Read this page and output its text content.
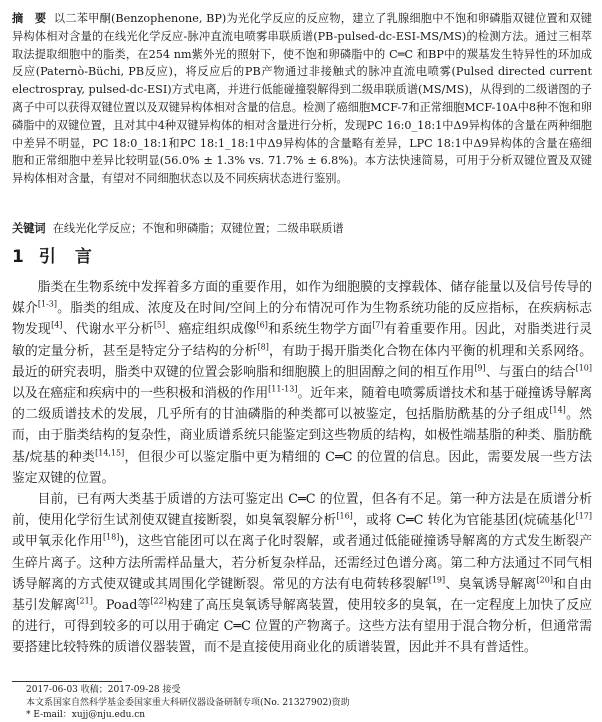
摘　要 以二苯甲酮(Benzophenone, BP)为光化学反应的反应物，建立了乳腺细胞中不饱和卵磷脂双键位置和双键异构体相对含量的在线光化学反应-脉冲直流电喷雾串联质谱(PB-pulsed-dc-ESI-MS/MS)的检测方法。通过三相萃取法提取细胞中的脂类，在254 nm紫外光的照射下，使不饱和卵磷脂中的 C═C 和BP中的羰基发生特异性的环加成反应(Paternò-Büchi, PB反应)，将反应后的PB产物通过非接触式的脉冲直流电喷雾(Pulsed directed current electrospray, pulsed-dc-ESI)方式电离，并进行低能碰撞裂解得到二级串联质谱(MS/MS)，从得到的二级谱图的子离子中可以获得双键位置以及双键异构体相对含量的信息。检测了癌细胞MCF-7和正常细胞MCF-10A中8种不饱和卵磷脂中的双键位置，且对其中4种双键异构体的相对含量进行分析，发现PC 16:0_18:1中Δ9异构体的含量在两种细胞中差异不明显，PC 18:0_18:1和PC 18:1_18:1中Δ9异构体的含量略有差异，LPC 18:1中Δ9异构体的含量在癌细胞和正常细胞中差异比较明显(56.0% ± 1.3% vs. 71.7% ± 6.8%)。本方法快速简易，可用于分析双键位置及双键异构体相对含量，有望对不同细胞状态以及不同疾病状态进行鉴别。
关键词 在线光化学反应；不饱和卵磷脂；双键位置；二级串联质谱
1 引　言

脂类在生物系统中发挥着多方面的重要作用，如作为细胞膜的支撑载体、储存能量以及信号传导的媒介[1-3]。脂类的组成、浓度及在时间/空间上的分布情况可作为生物系统功能的反应指标，在疾病标志物发现[4]、代谢水平分析[5]、癌症组织成像[6]和系统生物学方面[7]有着重要作用。因此，对脂类进行灵敏的定量分析，甚至是特定分子结构的分析[8]，有助于揭开脂类化合物在体内平衡的机理和关系网络。最近的研究表明，脂类中双键的位置会影响脂和细胞膜上的胆固醇之间的相互作用[9]、与蛋白的结合[10]以及在癌症和疾病中的一些积极和消极的作用[11-13]。近年来，随着电喷雾质谱技术和基于碰撞诱导解离的二级质谱技术的发展，几乎所有的甘油磷脂的种类都可以被鉴定，包括脂肪酰基的分子组成[14]。然而，由于脂类结构的复杂性，商业质谱系统只能鉴定到这些物质的结构，如极性端基脂的种类、脂肪酰基/烷基的种类[14,15]，但很少可以鉴定脂中更为精细的 C═C 的位置的信息。因此，需要发展一些方法鉴定双键的位置。

目前，已有两大类基于质谱的方法可鉴定出 C═C 的位置，但各有不足。第一种方法是在质谱分析前，使用化学衍生试剂使双键直接断裂，如臭氧裂解分析[16]，或将 C═C 转化为官能基团(烷硫基化[17]或甲氧汞化作用[18])，这些官能团可以在离子化时裂解，或者通过低能碰撞诱导解离的方式发生断裂产生碎片离子。这种方法所需样品量大，若分析复杂样品，还需经过色谱分离。第二种方法通过不同气相诱导解离的方式使双键或其周围化学键断裂。常见的方法有电荷转移裂解[19]、臭氧诱导解离[20]和自由基引发解离[21]。Poad等[22]构建了高压臭氧诱导解离装置，使用较多的臭氧，在一定程度上加快了反应的进行，可得到较多的可以用于确定 C═C 位置的产物离子。这些方法有望用于混合物分析，但通常需要搭建比较特殊的质谱仪器装置，而不是直接使用商业化的质谱装置，因此并不具有普适性。

2017-06-03 收稿；2017-09-28 接受
本文系国家自然科学基金委国家重大科研仪器设备研制专项(No. 21327902)资助
* E-mail：xujj@nju.edu.cn
